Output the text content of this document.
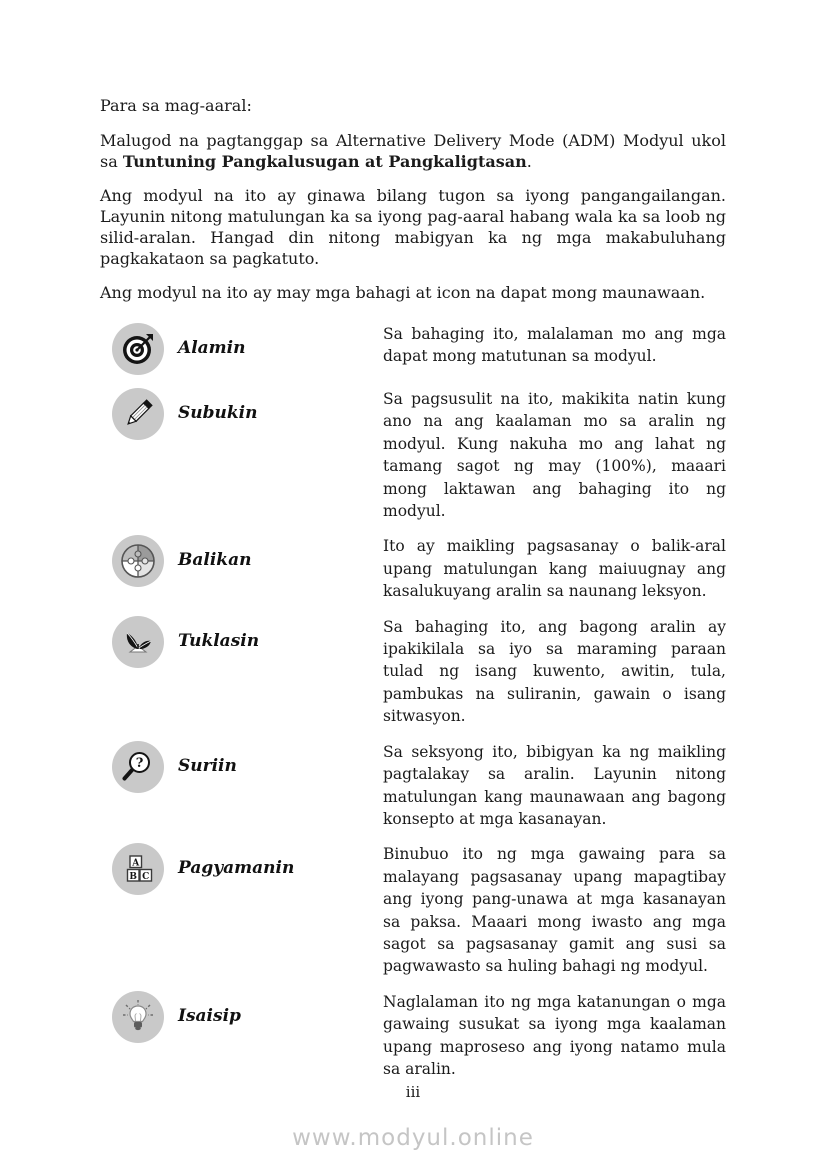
Para sa mag-aaral:

Malugod na pagtanggap sa Alternative Delivery Mode (ADM) Modyul ukol sa Tuntuning Pangkalusugan at Pangkaligtasan.

Ang modyul na ito ay ginawa bilang tugon sa iyong pangangailangan. Layunin nitong matulungan ka sa iyong pag-aaral habang wala ka sa loob ng silid-aralan. Hangad din nitong mabigyan ka ng mga makabuluhang pagkakataon sa pagkatuto.

Ang modyul na ito ay may mga bahagi at icon na dapat mong maunawaan.

Alamin
Sa bahaging ito, malalaman mo ang mga dapat mong matutunan sa modyul.
Subukin
Sa pagsusulit na ito, makikita natin kung ano na ang kaalaman mo sa aralin ng modyul. Kung nakuha mo ang lahat ng tamang sagot ng may (100%), maaari mong laktawan ang bahaging ito ng modyul.
Balikan
Ito ay maikling pagsasanay o balik-aral upang matulungan kang maiuugnay ang kasalukuyang aralin sa naunang leksyon.
Tuklasin
Sa bahaging ito, ang bagong aralin ay ipakikilala sa iyo sa maraming paraan tulad ng isang kuwento, awitin, tula, pambukas na suliranin, gawain o isang sitwasyon.
? Suriin
Sa seksyong ito, bibigyan ka ng maikling pagtalakay sa aralin. Layunin nitong matulungan kang maunawaan ang bagong konsepto at mga kasanayan.
A
B C Pagyamanin
Binubuo ito ng mga gawaing para sa malayang pagsasanay upang mapagtibay ang iyong pang-unawa at mga kasanayan sa paksa. Maaari mong iwasto ang mga sagot sa pagsasanay gamit ang susi sa pagwawasto sa huling bahagi ng modyul.
Isaisip
Naglalaman ito ng mga katanungan o mga gawaing susukat sa iyong mga kaalaman upang maproseso ang iyong natamo mula sa aralin.
iii
www.modyul.online
